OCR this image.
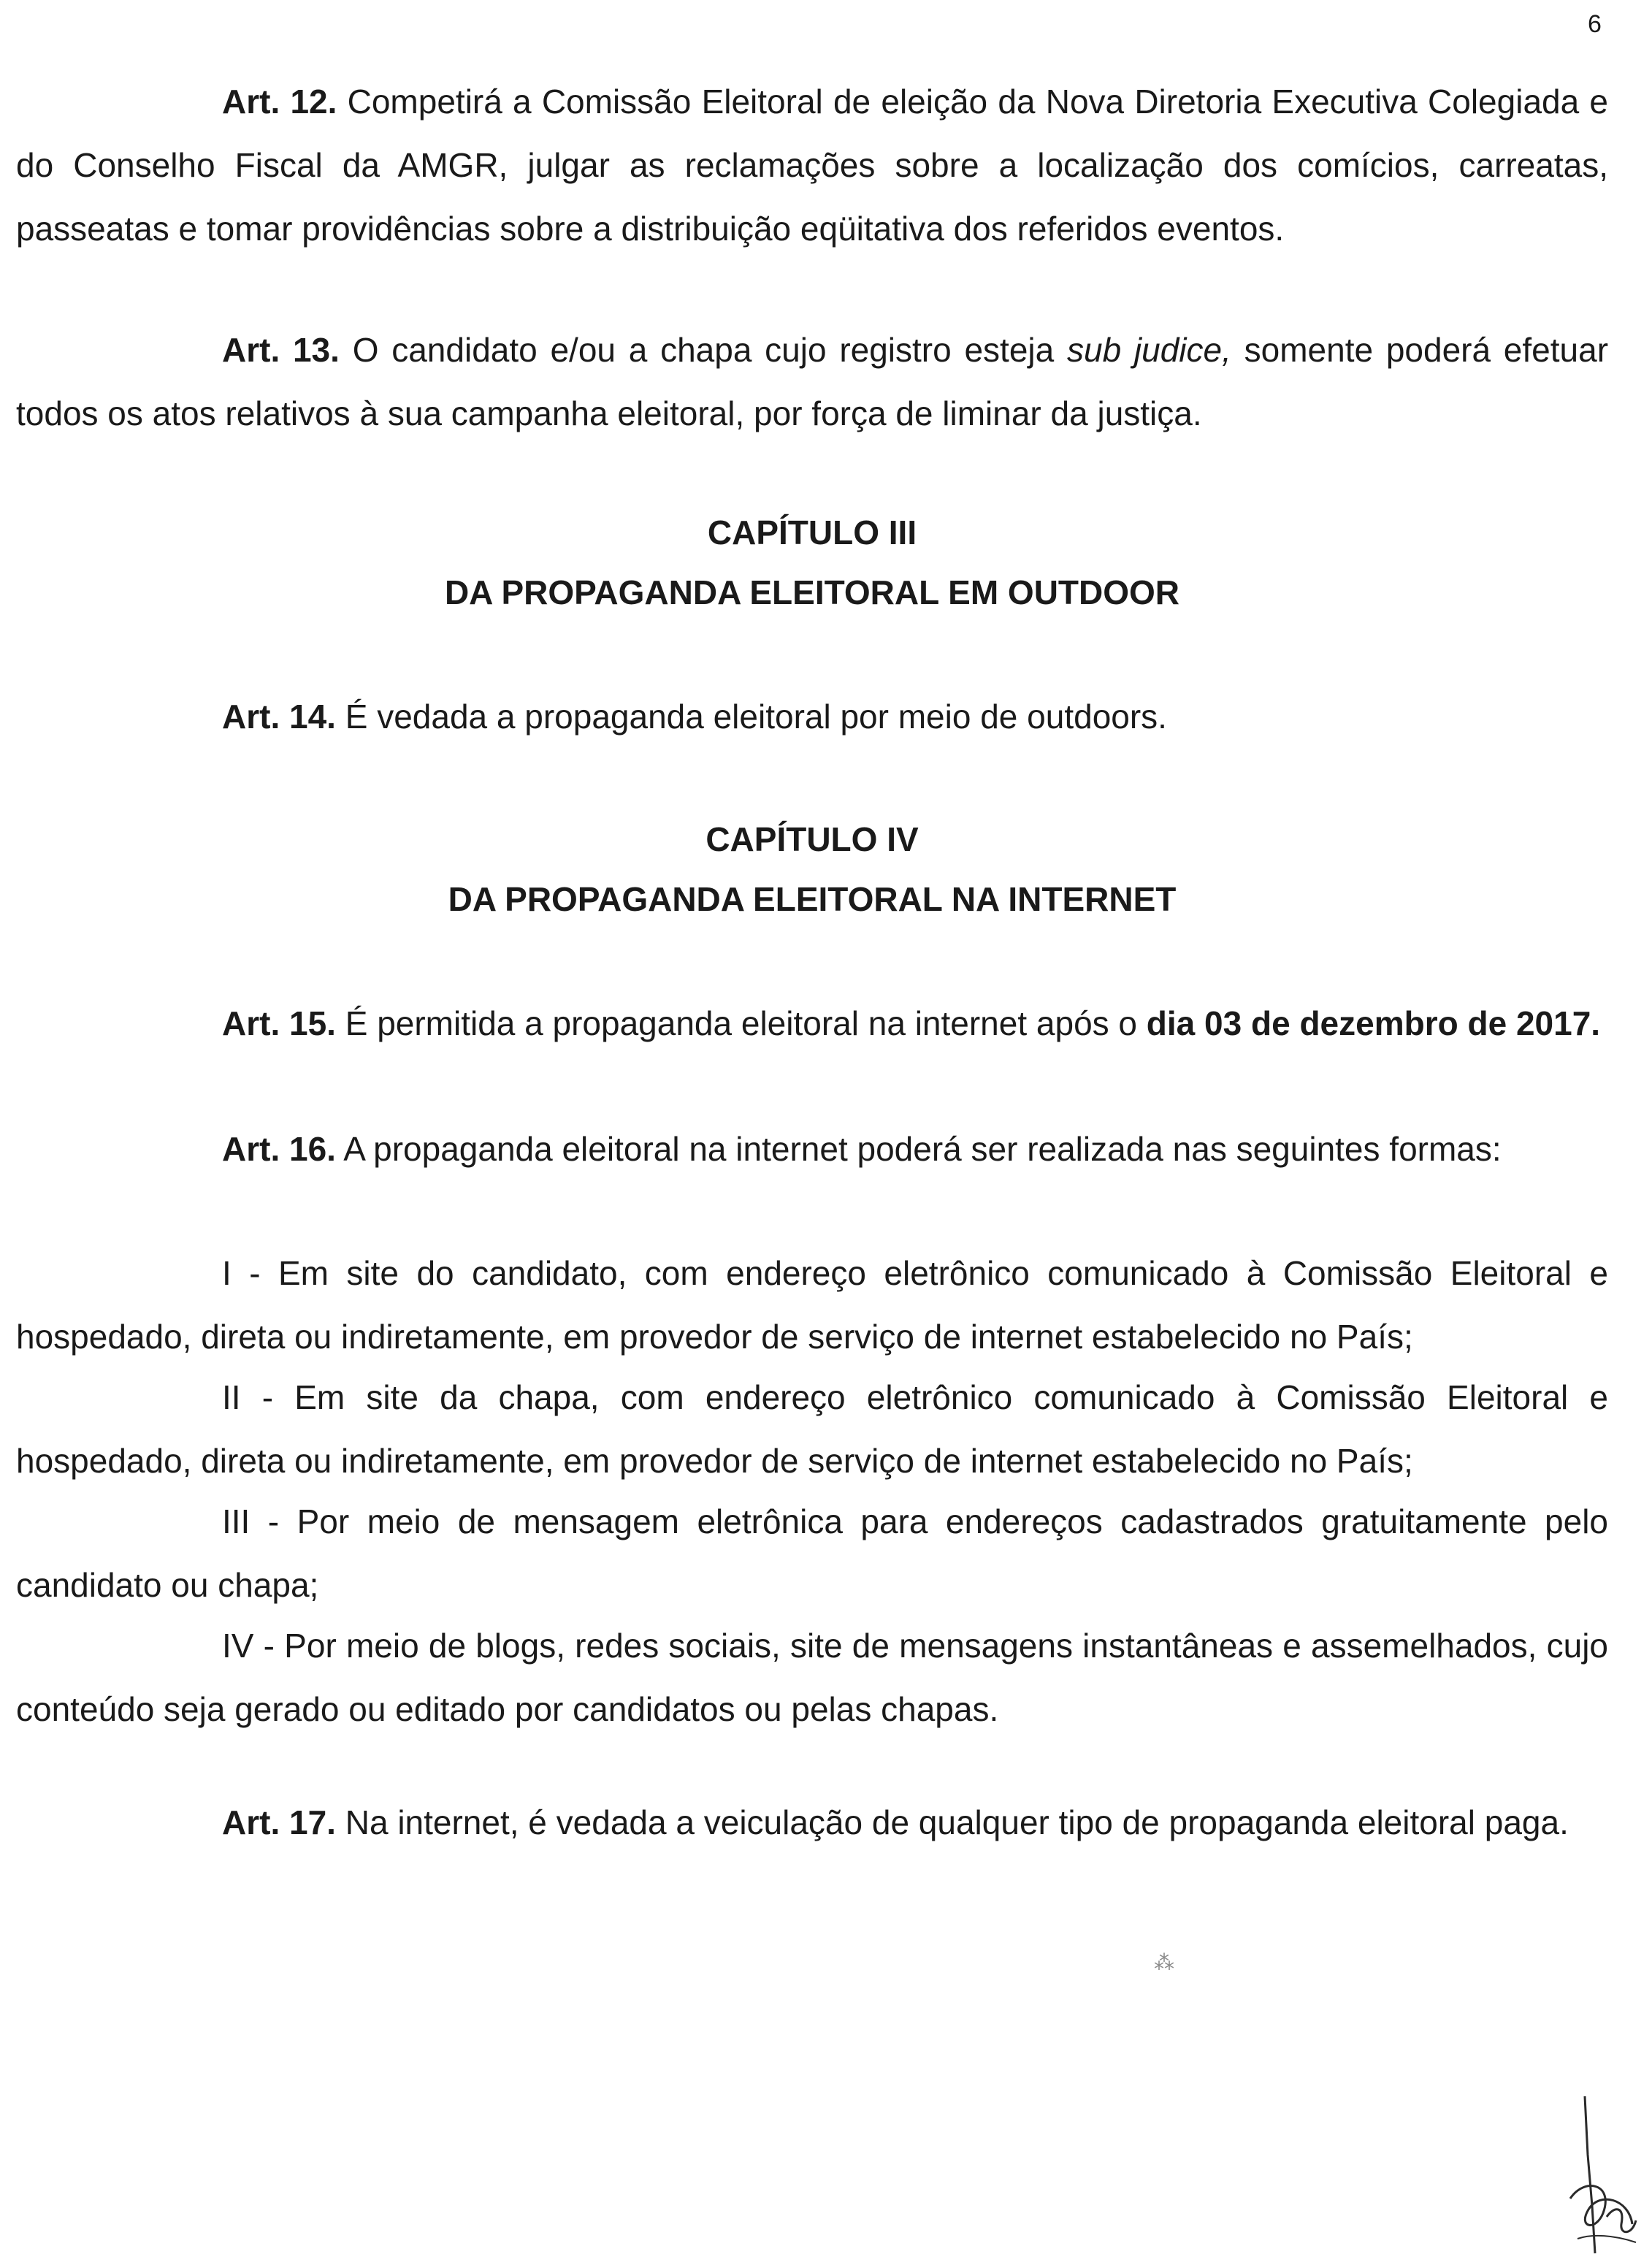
6
Art. 12. Competirá a Comissão Eleitoral de eleição da Nova Diretoria Executiva Colegiada e do Conselho Fiscal da AMGR, julgar as reclamações sobre a localização dos comícios, carreatas, passeatas e tomar providências sobre a distribuição eqüitativa dos referidos eventos.
Art. 13. O candidato e/ou a chapa cujo registro esteja sub judice, somente poderá efetuar todos os atos relativos à sua campanha eleitoral, por força de liminar da justiça.
CAPÍTULO III
DA PROPAGANDA ELEITORAL EM OUTDOOR
Art. 14. É vedada a propaganda eleitoral por meio de outdoors.
CAPÍTULO IV
DA PROPAGANDA ELEITORAL NA INTERNET
Art. 15. É permitida a propaganda eleitoral na internet após o dia 03 de dezembro de 2017.
Art. 16. A propaganda eleitoral na internet poderá ser realizada nas seguintes formas:
I - Em site do candidato, com endereço eletrônico comunicado à Comissão Eleitoral e hospedado, direta ou indiretamente, em provedor de serviço de internet estabelecido no País;
II - Em site da chapa, com endereço eletrônico comunicado à Comissão Eleitoral e hospedado, direta ou indiretamente, em provedor de serviço de internet estabelecido no País;
III - Por meio de mensagem eletrônica para endereços cadastrados gratuitamente pelo candidato ou chapa;
IV - Por meio de blogs, redes sociais, site de mensagens instantâneas e assemelhados, cujo conteúdo seja gerado ou editado por candidatos ou pelas chapas.
Art. 17. Na internet, é vedada a veiculação de qualquer tipo de propaganda eleitoral paga.
⁂
